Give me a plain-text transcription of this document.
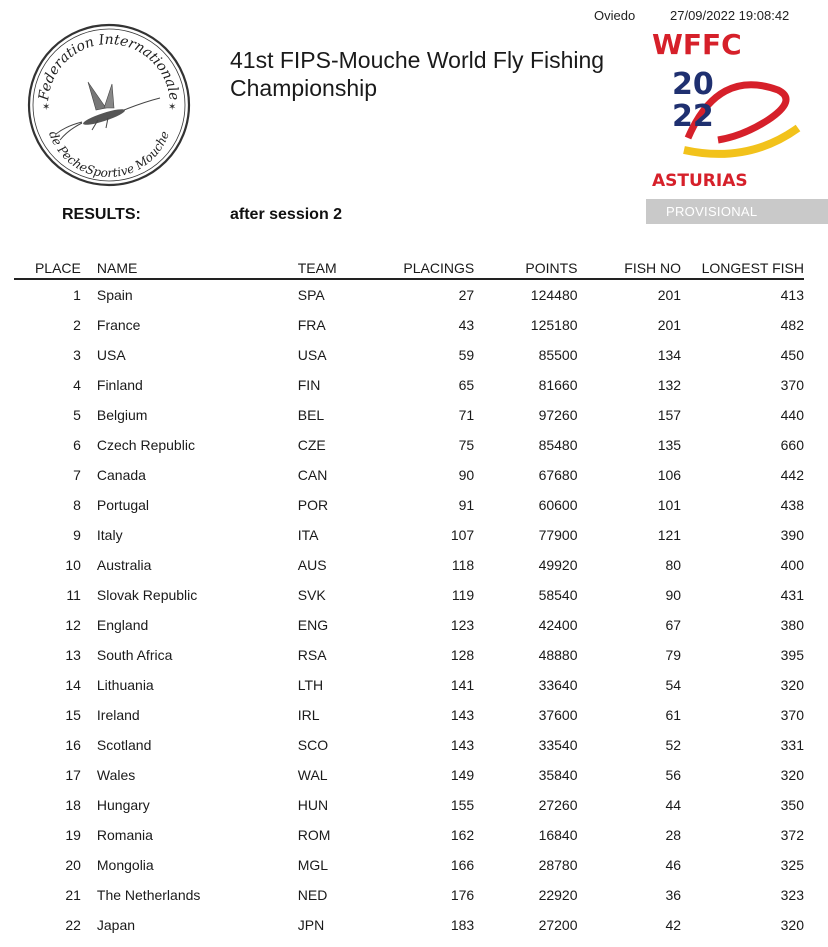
Oviedo	27/09/2022 19:08:42
Federation Internationale
de PecheSportive Mouche
✶	✶
41st FIPS-Mouche World Fly Fishing Championship
WFFC
20
22
ASTURIAS
PROVISIONAL
RESULTS:	after session 2
PLACE	NAME	TEAM	PLACINGS	POINTS	FISH NO	LONGEST FISH
1	Spain	SPA	27	124480	201	413
2	France	FRA	43	125180	201	482
3	USA	USA	59	85500	134	450
4	Finland	FIN	65	81660	132	370
5	Belgium	BEL	71	97260	157	440
6	Czech Republic	CZE	75	85480	135	660
7	Canada	CAN	90	67680	106	442
8	Portugal	POR	91	60600	101	438
9	Italy	ITA	107	77900	121	390
10	Australia	AUS	118	49920	80	400
11	Slovak Republic	SVK	119	58540	90	431
12	England	ENG	123	42400	67	380
13	South Africa	RSA	128	48880	79	395
14	Lithuania	LTH	141	33640	54	320
15	Ireland	IRL	143	37600	61	370
16	Scotland	SCO	143	33540	52	331
17	Wales	WAL	149	35840	56	320
18	Hungary	HUN	155	27260	44	350
19	Romania	ROM	162	16840	28	372
20	Mongolia	MGL	166	28780	46	325
21	The Netherlands	NED	176	22920	36	323
22	Japan	JPN	183	27200	42	320
